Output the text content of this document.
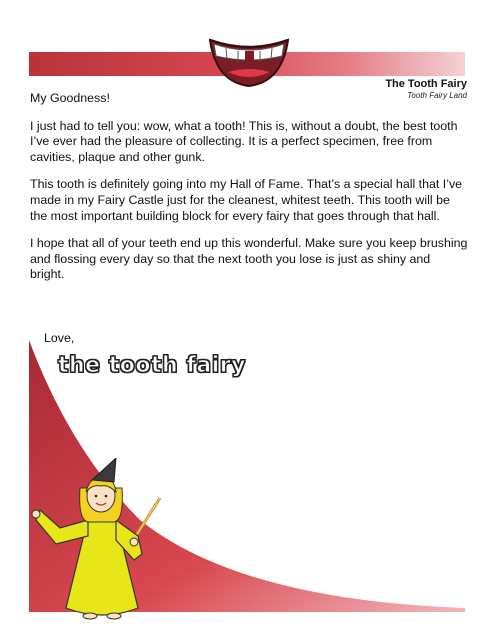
The Tooth Fairy
Tooth Fairy Land

My Goodness!

I just had to tell you: wow, what a tooth! This is, without a doubt, the best tooth I’ve ever had the pleasure of collecting. It is a perfect specimen, free from cavities, plaque and other gunk.

This tooth is definitely going into my Hall of Fame. That’s a special hall that I’ve made in my Fairy Castle just for the cleanest, whitest teeth. This tooth will be the most important building block for every fairy that goes through that hall.

I hope that all of your teeth end up this wonderful. Make sure you keep brushing and flossing every day so that the next tooth you lose is just as shiny and bright.

Love,
the tooth fairy
